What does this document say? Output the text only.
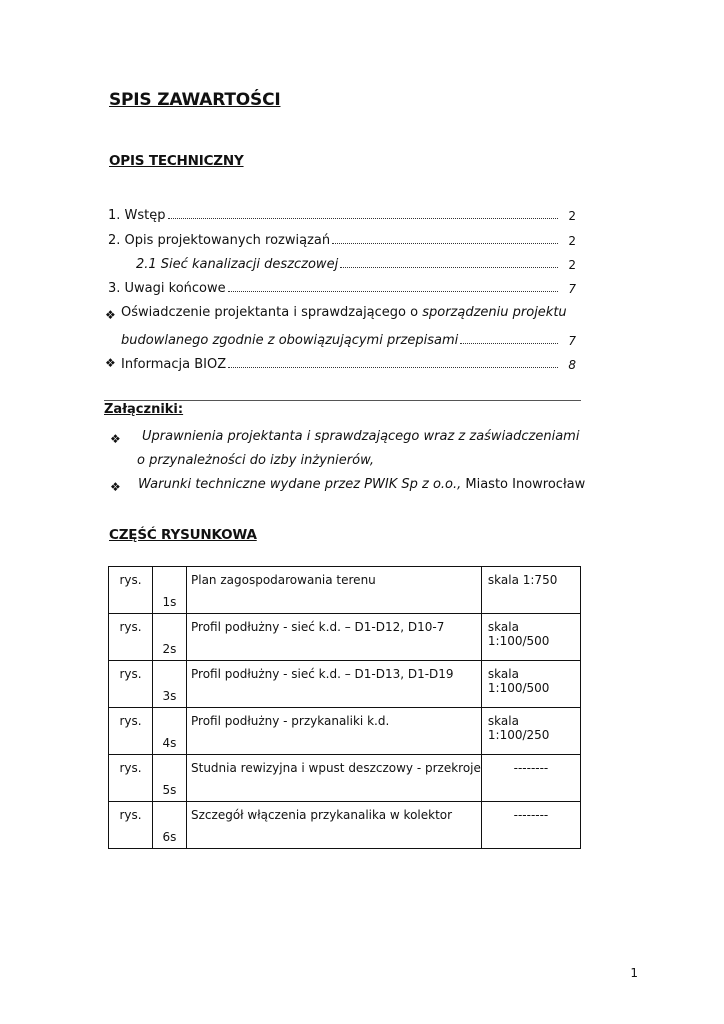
SPIS ZAWARTOŚCI
OPIS TECHNICZNY
1. Wstęp	2
2. Opis projektowanych rozwiązań	2
2.1 Sieć kanalizacji deszczowej	2
3. Uwagi końcowe	7
❖ Oświadczenie projektanta i sprawdzającego o sporządzeniu projektu
budowlanego zgodnie z obowiązującymi przepisami	7
❖ Informacja BIOZ	8
Załączniki:
❖ Uprawnienia projektanta i sprawdzającego wraz z zaświadczeniami
o przynależności do izby inżynierów,
❖ Warunki techniczne wydane przez PWIK Sp z o.o., Miasto Inowrocław
CZĘŚĆ RYSUNKOWA
rys.	1s	Plan zagospodarowania terenu	skala 1:750
rys.	2s	Profil podłużny - sieć k.d. – D1-D12, D10-7	skala 1:100/500
rys.	3s	Profil podłużny - sieć k.d. – D1-D13, D1-D19	skala 1:100/500
rys.	4s	Profil podłużny - przykanaliki k.d.	skala 1:100/250
rys.	5s	Studnia rewizyjna i wpust deszczowy - przekroje	--------
rys.	6s	Szczegół włączenia przykanalika w kolektor	--------
1
